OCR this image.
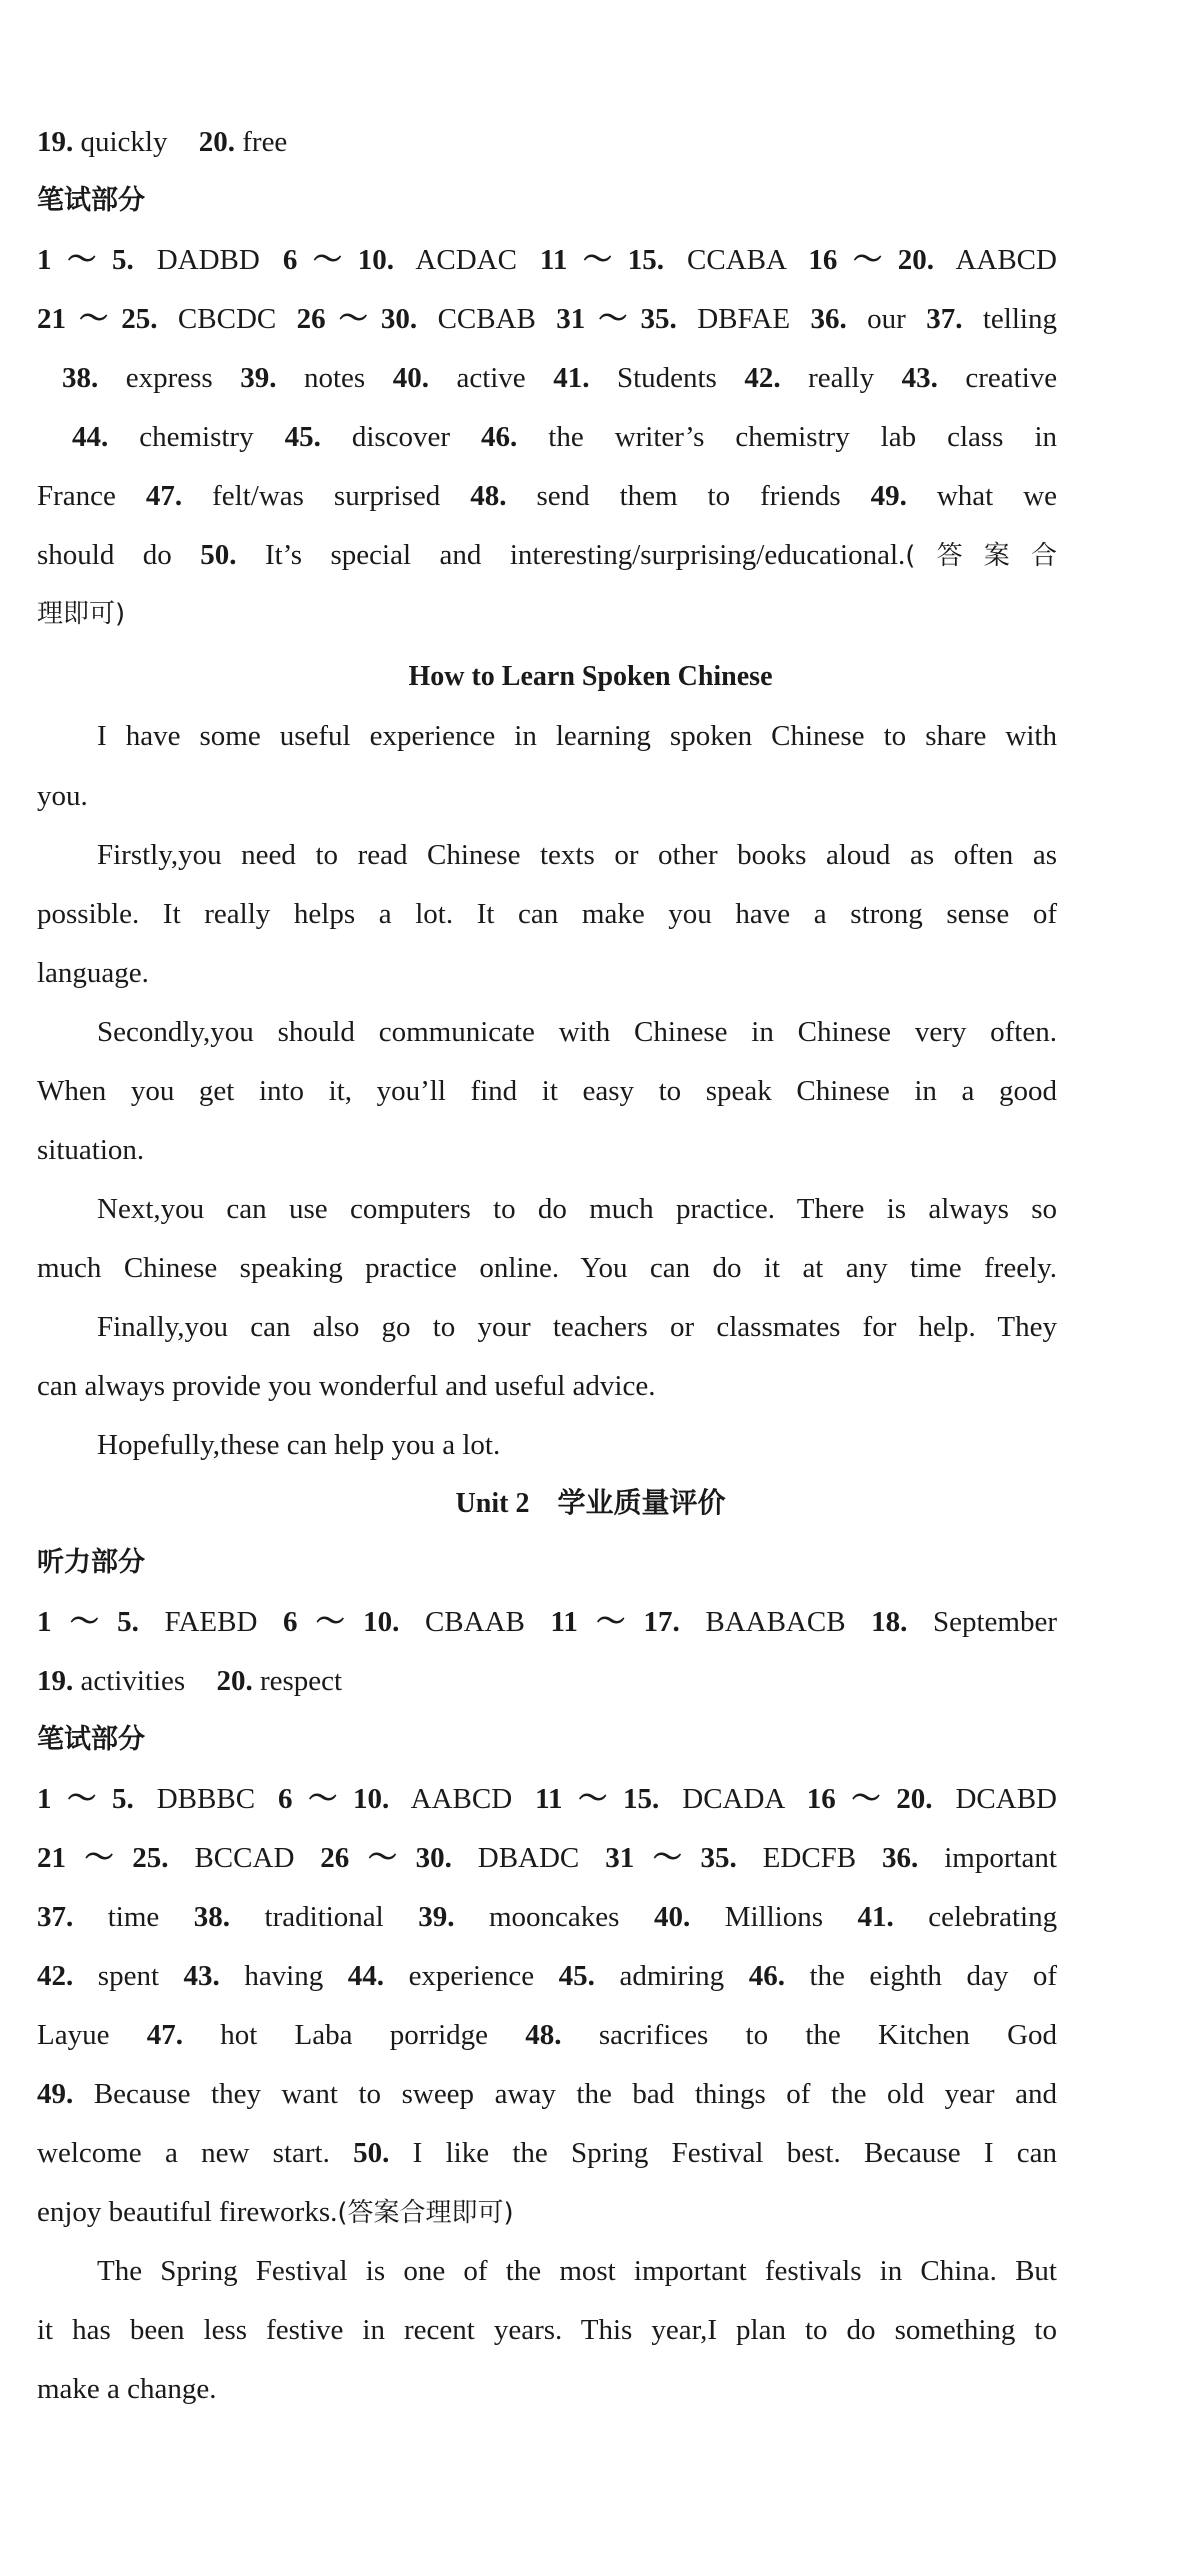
19. quickly 20. free
笔试部分
1～5. DADBD 6～10. ACDAC 11～15. CCABA 16～20. AABCD
21～25. CBCDC 26～30. CCBAB 31～35. DBFAE 36. our 37. telling
38. express 39. notes 40. active 41. Students 42. really 43. creative
44. chemistry 45. discover 46. the writer’s chemistry lab class in
France 47. felt/was surprised 48. send them to friends 49. what we
should do 50. It’s special and interesting/surprising/educational.(答案合
理即可)
How to Learn Spoken Chinese
I have some useful experience in learning spoken Chinese to share with
you.
Firstly,you need to read Chinese texts or other books aloud as often as
possible. It really helps a lot. It can make you have a strong sense of
language.
Secondly,you should communicate with Chinese in Chinese very often.
When you get into it, you’ll find it easy to speak Chinese in a good
situation.
Next,you can use computers to do much practice. There is always so
much Chinese speaking practice online. You can do it at any time freely.
Finally,you can also go to your teachers or classmates for help. They
can always provide you wonderful and useful advice.
Hopefully,these can help you a lot.
Unit 2　学业质量评价
听力部分
1～5. FAEBD 6～10. CBAAB 11～17. BAABACB 18. September
19. activities 20. respect
笔试部分
1～5. DBBBC 6～10. AABCD 11～15. DCADA 16～20. DCABD
21～25. BCCAD 26～30. DBADC 31～35. EDCFB 36. important
37. time 38. traditional 39. mooncakes 40. Millions 41. celebrating
42. spent 43. having 44. experience 45. admiring 46. the eighth day of
Layue 47. hot Laba porridge 48. sacrifices to the Kitchen God
49. Because they want to sweep away the bad things of the old year and
welcome a new start. 50. I like the Spring Festival best. Because I can
enjoy beautiful fireworks.(答案合理即可)
The Spring Festival is one of the most important festivals in China. But
it has been less festive in recent years. This year,I plan to do something to
make a change.
